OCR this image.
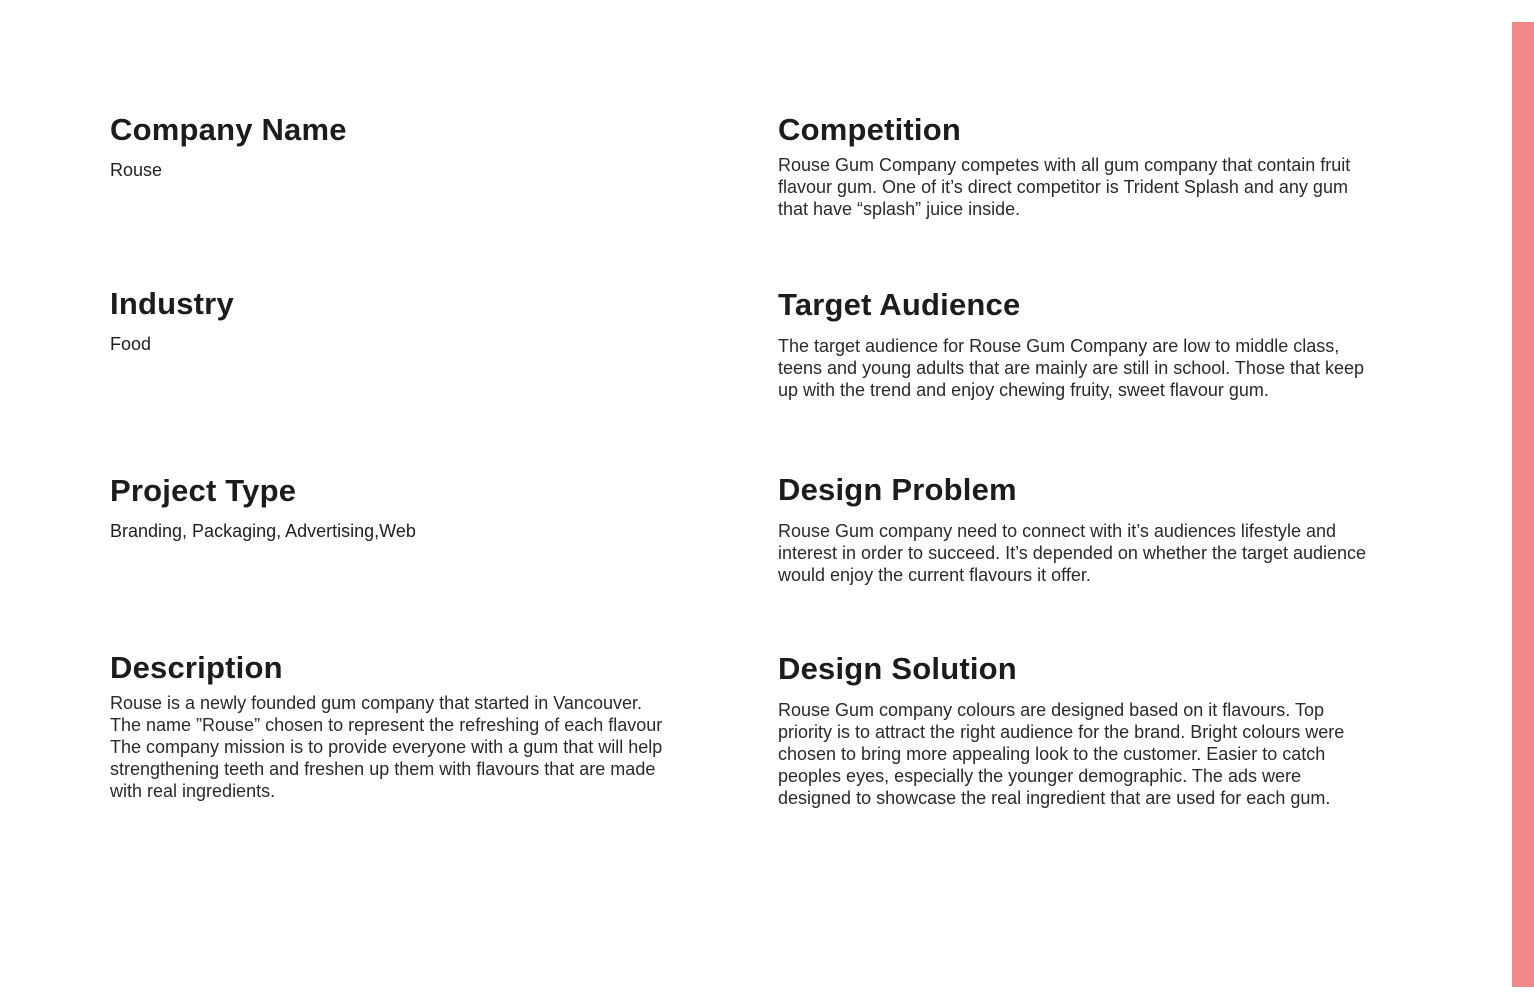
Company Name

Rouse

Industry

Food

Project Type

Branding, Packaging, Advertising,Web

Description

Rouse is a newly founded gum company that started in Vancouver.
The name ”Rouse” chosen to represent the refreshing of each flavour
The company mission is to provide everyone with a gum that will help
strengthening teeth and freshen up them with flavours that are made
with real ingredients.

Competition

Rouse Gum Company competes with all gum company that contain fruit
flavour gum. One of it’s direct competitor is Trident Splash and any gum
that have “splash” juice inside.

Target Audience

The target audience for Rouse Gum Company are low to middle class,
teens and young adults that are mainly are still in school. Those that keep
up with the trend and enjoy chewing fruity, sweet flavour gum.

Design Problem

Rouse Gum company need to connect with it’s audiences lifestyle and
interest in order to succeed. It’s depended on whether the target audience
would enjoy the current flavours it offer.

Design Solution

Rouse Gum company colours are designed based on it flavours. Top
priority is to attract the right audience for the brand. Bright colours were
chosen to bring more appealing look to the customer. Easier to catch
peoples eyes, especially the younger demographic. The ads were
designed to showcase the real ingredient that are used for each gum.
